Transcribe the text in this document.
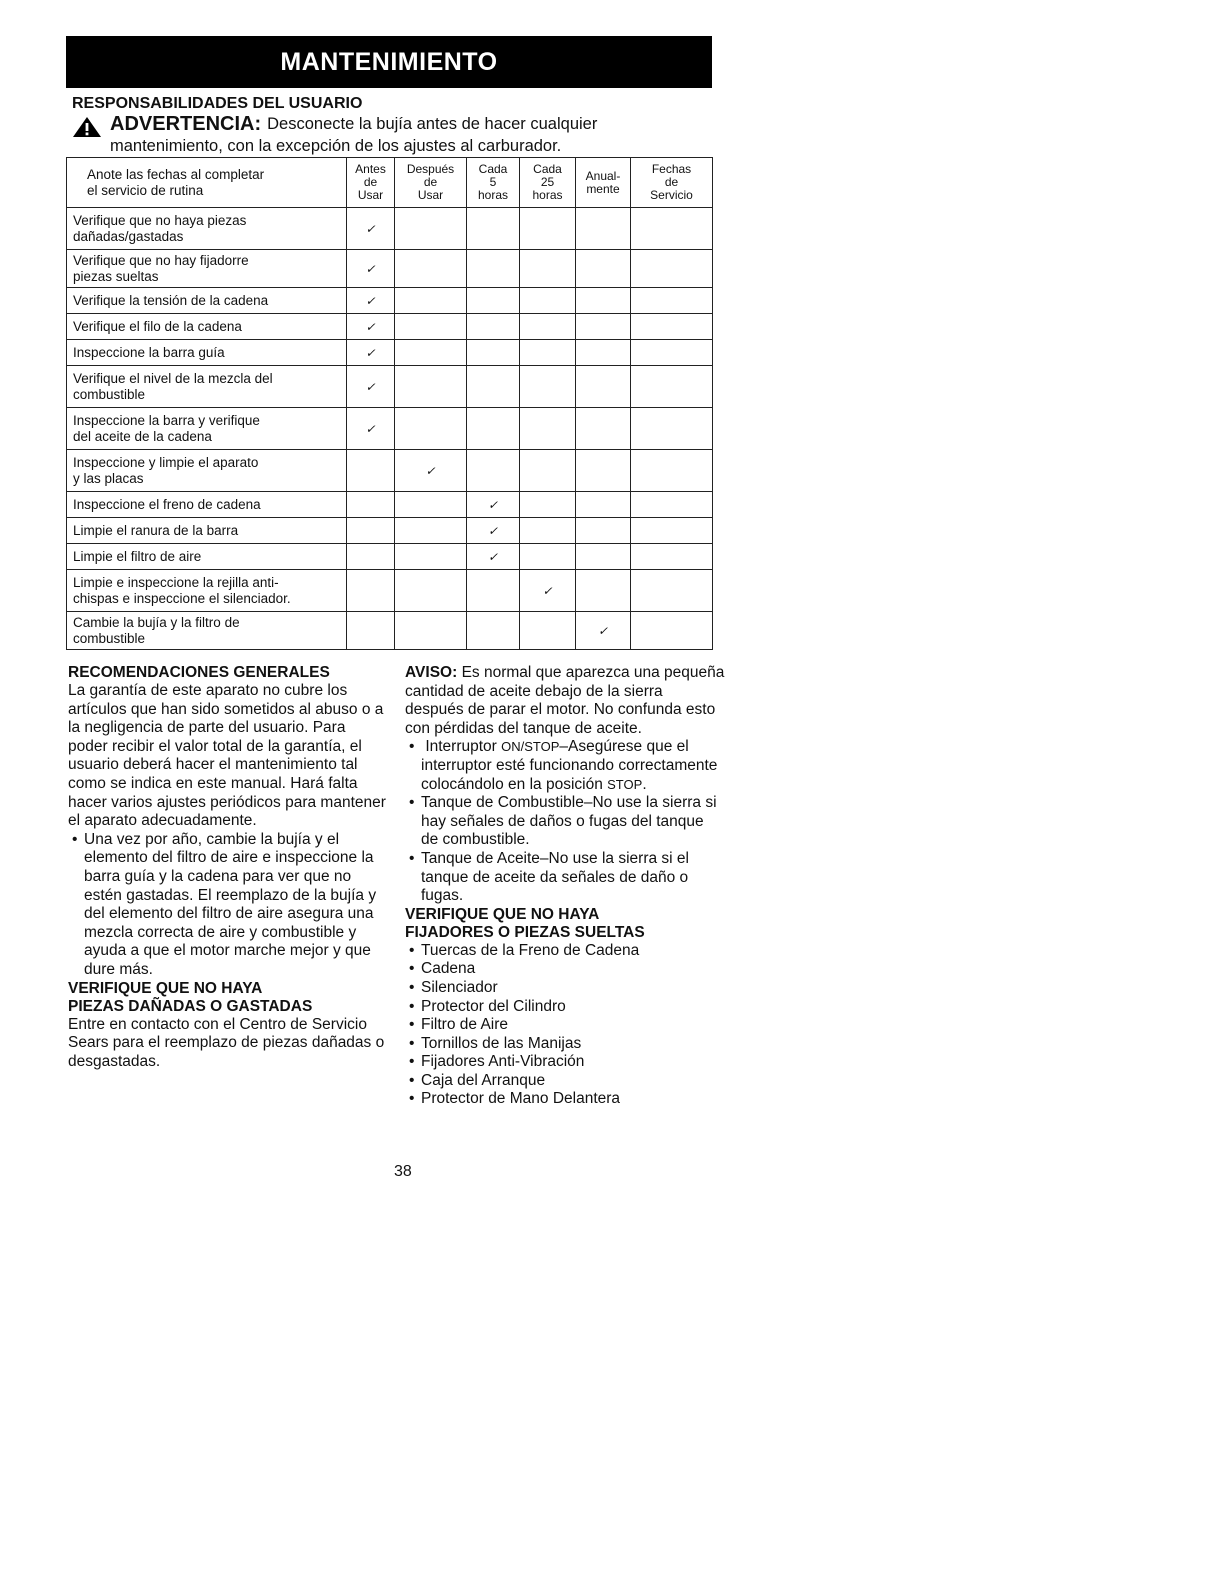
MANTENIMIENTO
RESPONSABILIDADES DEL USUARIO
ADVERTENCIA: Desconecte la bujía antes de hacer cualquier
mantenimiento, con la excepción de los ajustes al carburador.
Anote las fechas al completar
el servicio de rutina	Antes
de
Usar	Después
de
Usar	Cada
5
horas	Cada
25
horas	Anual-
mente	Fechas
de
Servicio
Verifique que no haya piezas
dañadas/gastadas	✓					
Verifique que no hay fijadorre
piezas sueltas	✓					
Verifique la tensión de la cadena	✓					
Verifique el filo de la cadena	✓					
Inspeccione la barra guía	✓					
Verifique el nivel de la mezcla del
combustible	✓					
Inspeccione la barra y verifique
del aceite de la cadena	✓					
Inspeccione y limpie el aparato
y las placas		✓				
Inspeccione el freno de cadena			✓			
Limpie el ranura de la barra			✓			
Limpie el filtro de aire			✓			
Limpie e inspeccione la rejilla anti-
chispas e inspeccione el silenciador.				✓		
Cambie la bujía y la filtro de
combustible					✓	
RECOMENDACIONES GENERALES

La garantía de este aparato no cubre los artículos que han sido sometidos al abuso o a la negligencia de parte del usuario. Para poder recibir el valor total de la garantía, el usuario deberá hacer el mantenimiento tal como se indica en este manual. Hará falta hacer varios ajustes periódicos para mantener el aparato adecuadamente.

• Una vez por año, cambie la bujía y el elemento del filtro de aire e inspeccione la barra guía y la cadena para ver que no estén gastadas. El reemplazo de la bujía y del elemento del filtro de aire asegura una mezcla correcta de aire y combustible y ayuda a que el motor marche mejor y que dure más.
VERIFIQUE QUE NO HAYA
PIEZAS DAÑADAS O GASTADAS

Entre en contacto con el Centro de Servicio Sears para el reemplazo de piezas dañadas o desgastadas.

AVISO: Es normal que aparezca una pequeña cantidad de aceite debajo de la sierra después de parar el motor. No confunda esto con pérdidas del tanque de aceite.

• Interruptor ON/STOP–Asegúrese que el interruptor esté funcionando correctamente colocándolo en la posición STOP.
• Tanque de Combustible–No use la sierra si hay señales de daños o fugas del tanque de combustible.
• Tanque de Aceite–No use la sierra si el tanque de aceite da señales de daño o fugas.
VERIFIQUE QUE NO HAYA
FIJADORES O PIEZAS SUELTAS
• Tuercas de la Freno de Cadena
• Cadena
• Silenciador
• Protector del Cilindro
• Filtro de Aire
• Tornillos de las Manijas
• Fijadores Anti-Vibración
• Caja del Arranque
• Protector de Mano Delantera
38
